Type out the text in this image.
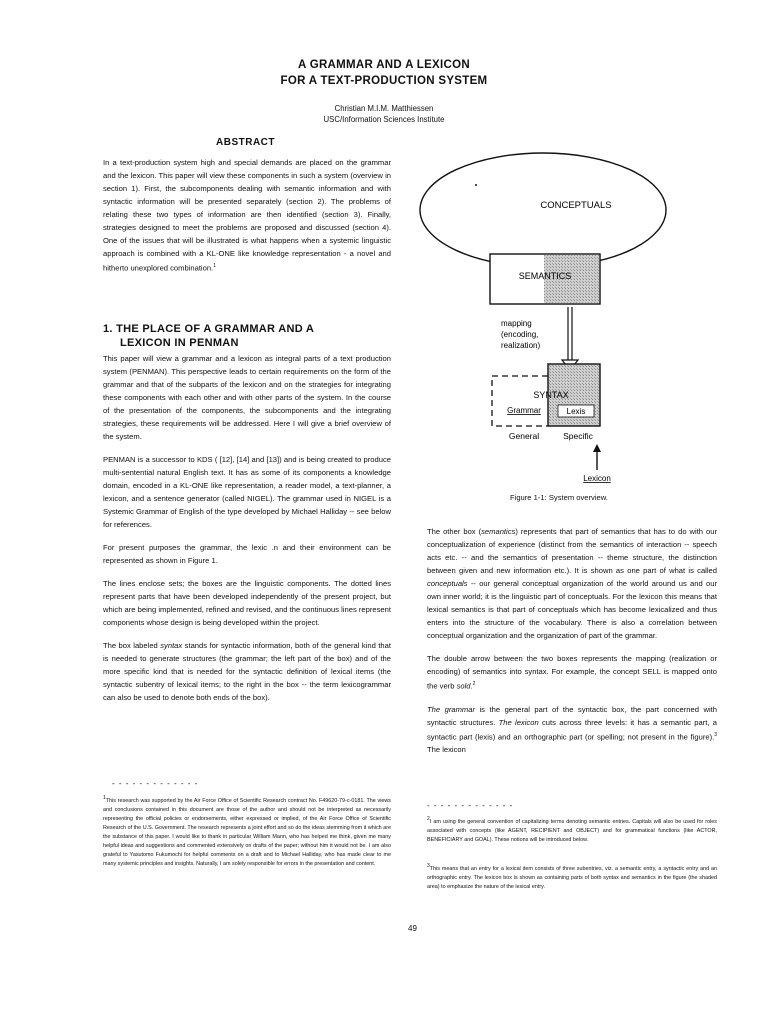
A GRAMMAR AND A LEXICON
FOR A TEXT-PRODUCTION SYSTEM
Christian M.I.M. Matthiessen
USC/Information Sciences Institute
ABSTRACT

In a text-production system high and special demands are placed on the grammar and the lexicon. This paper will view these components in such a system (overview in section 1). First, the subcomponents dealing with semantic information and with syntactic information will be presented separately (section 2). The problems of relating these two types of information are then identified (section 3). Finally, strategies designed to meet the problems are proposed and discussed (section 4). One of the issues that will be illustrated is what happens when a systemic linguistic approach is combined with a KL-ONE like knowledge representation - a novel and hitherto unexplored combination.$^1$

1. THE PLACE OF A GRAMMAR AND A
LEXICON IN PENMAN

This paper will view a grammar and a lexicon as integral parts of a text production system (PENMAN). This perspective leads to certain requirements on the form of the grammar and that of the subparts of the lexicon and on the strategies for integrating these components with each other and with other parts of the system. In the course of the presentation of the components, the subcomponents and the integrating strategies, these requirements will be addressed. Here I will give a brief overview of the system.

PENMAN is a successor to KDS ( [12], [14] and [13]) and is being created to produce multi-sentential natural English text. It has as some of its components a knowledge domain, encoded in a KL-ONE like representation, a reader model, a text-planner, a lexicon, and a sentence generator (called NIGEL). The grammar used in NIGEL is a Systemic Grammar of English of the type developed by Michael Halliday -- see below for references.

For present purposes the grammar, the lexic .n and their environment can be represented as shown in Figure 1.

The lines enclose sets; the boxes are the linguistic components. The dotted lines represent parts that have been developed independently of the present project, but which are being implemented, refined and revised, and the continuous lines represent components whose design is being developed within the project.

The box labeled syntax stands for syntactic information, both of the general kind that is needed to generate structures (the grammar; the left part of the box) and of the more specific kind that is needed for the syntactic definition of lexical items (the syntactic subentry of lexical items; to the right in the box -- the term lexicogrammar can also be used to denote both ends of the box).

- - - - - - - - - - - - -
$^1$This research was supported by the Air Force Office of Scientific Research contract No. F49620-79-c-0181. The views and conclusions contained in this document are those of the author and should not be interpreted as necessarily representing the official policies or endorsements, either expressed or implied, of the Air Force Office of Scientific Research of the U.S. Government. The research represents a joint effort and so do the ideas stemming from it which are the substance of this paper. I would like to thank in particular William Mann, who has helped me think, given me many helpful ideas and suggestions and commented extensively on drafts of the paper; without him it would not be. I am also grateful to Yasutomo Fukumochi for helpful comments on a draft and to Michael Halliday, who has made clear to me many systemic principles and insights. Naturally, I am solely responsible for errors in the presentation and content.
CONCEPTUALS
SEMANTICS
mapping
(encoding,
realization)
SYNTAX
Grammar	Lexis
General	Specific
Lexicon
Figure 1-1: System overview.

The other box (semantics) represents that part of semantics that has to do with our conceptualization of experience (distinct from the semantics of interaction -- speech acts etc. -- and the semantics of presentation -- theme structure, the distinction between given and new information etc.). It is shown as one part of what is called conceptuals -- our general conceptual organization of the world around us and our own inner world; it is the linguistic part of conceptuals. For the lexicon this means that lexical semantics is that part of conceptuals which has become lexicalized and thus enters into the structure of the vocabulary. There is also a correlation between conceptual organization and the organization of part of the grammar.

The double arrow between the two boxes represents the mapping (realization or encoding) of semantics into syntax. For example, the concept SELL is mapped onto the verb sold.$^2$

The grammar is the general part of the syntactic box, the part concerned with syntactic structures. The lexicon cuts across three levels: it has a semantic part, a syntactic part (lexis) and an orthographic part (or spelling; not present in the figure).$^3$ The lexicon

- - - - - - - - - - - - -
$^2$I am using the general convention of capitalizing terms denoting semantic entries. Capitals will also be used for roles associated with concepts (like AGENT, RECIPIENT and OBJECT) and for grammatical functions (like ACTOR, BENEFICIARY and GOAL). These notions will be introduced below.
$^3$This means that an entry for a lexical item consists of three subentries, viz. a semantic entry, a syntactic entry and an orthographic entry. The lexicon box is shown as containing parts of both syntax and semantics in the figure (the shaded area) to emphasize the nature of the lexical entry.
49
